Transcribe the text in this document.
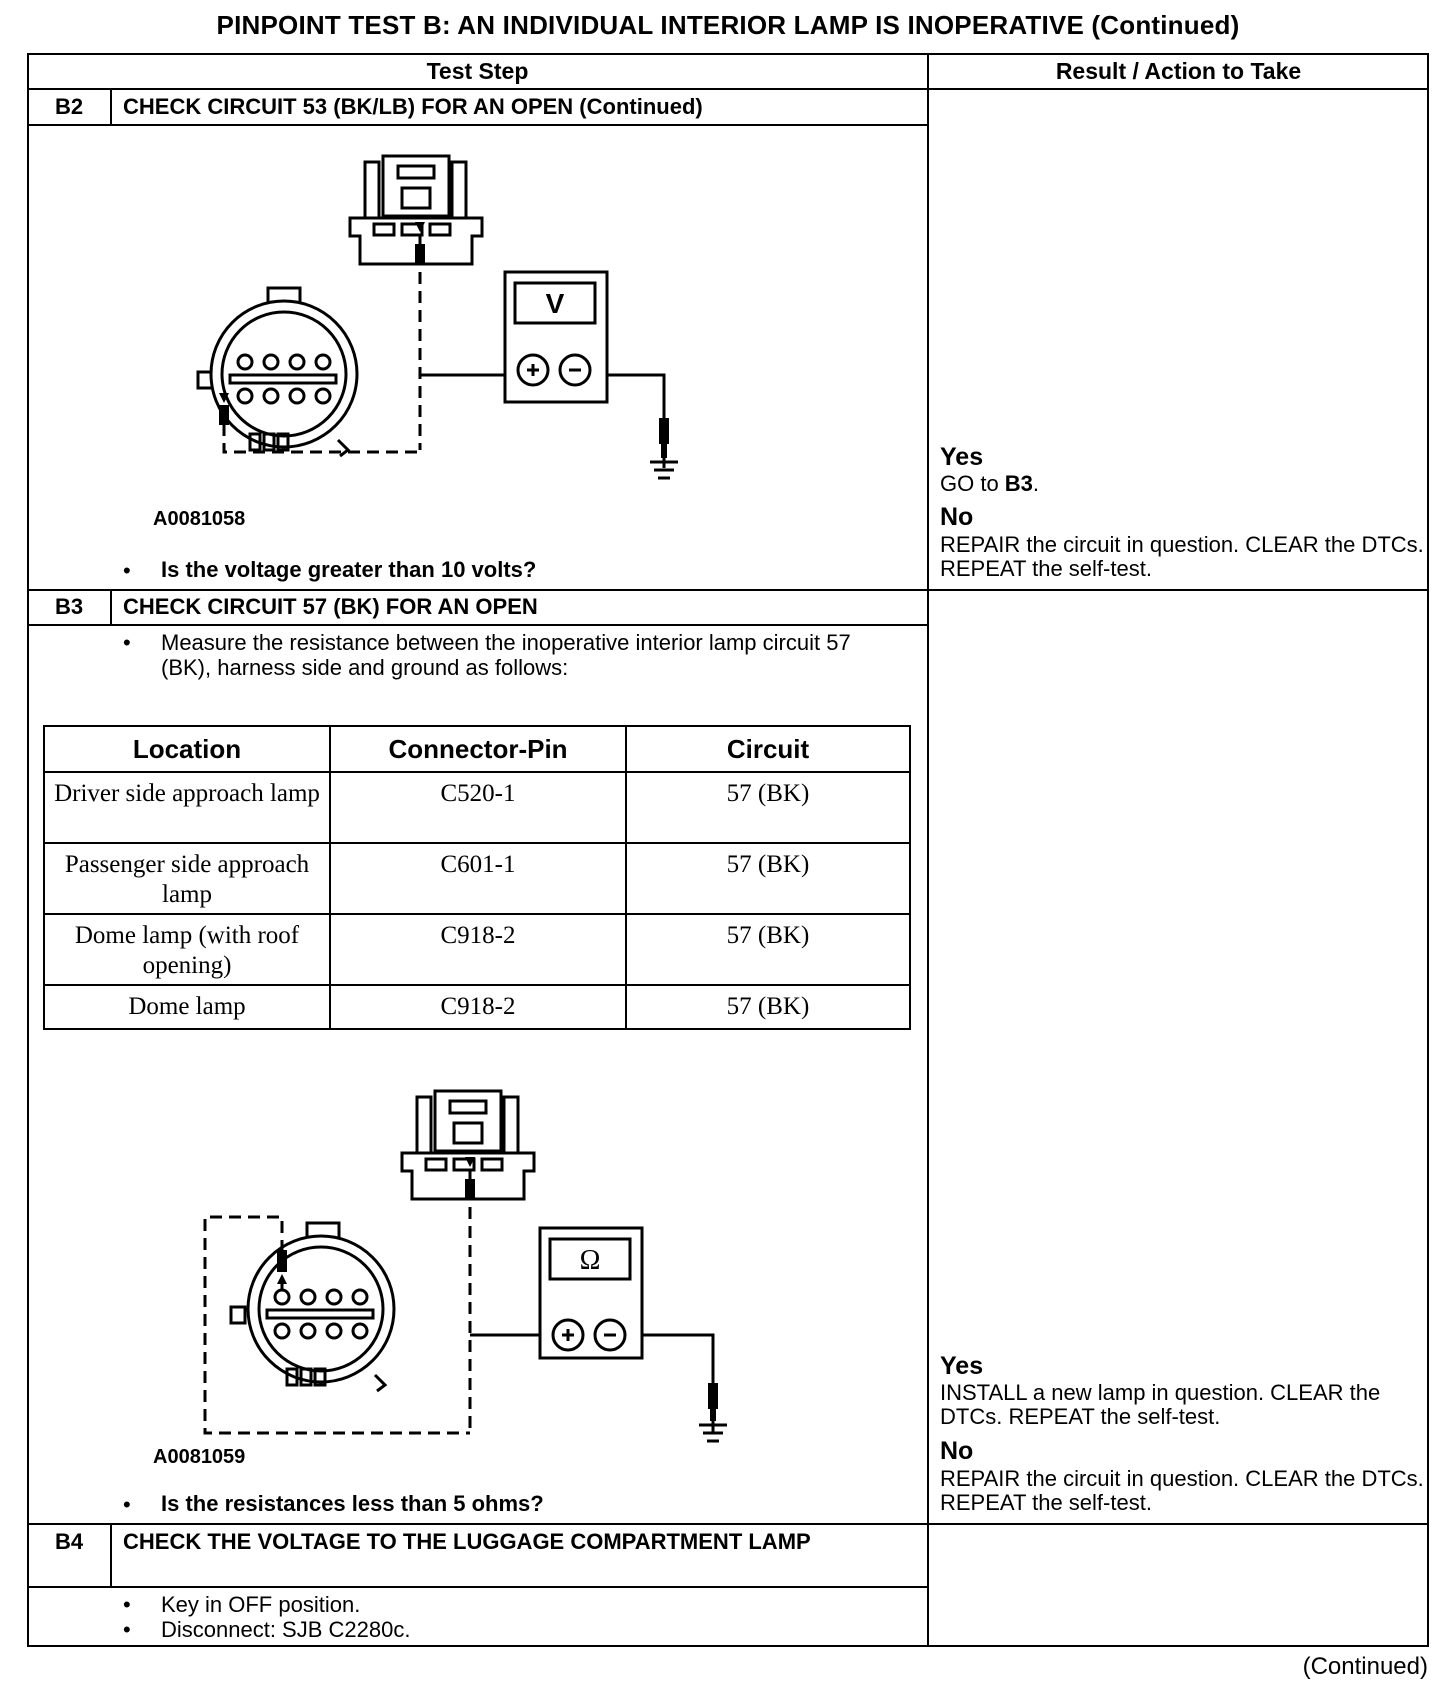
PINPOINT TEST B: AN INDIVIDUAL INTERIOR LAMP IS INOPERATIVE (Continued)
Test Step	Result / Action to Take
B2	CHECK CIRCUIT 53 (BK/LB) FOR AN OPEN (Continued)
V
A0081058
• Is the voltage greater than 10 volts?
Yes
GO to B3.
No
REPAIR the circuit in question. CLEAR the DTCs. REPEAT the self-test.
B3	CHECK CIRCUIT 57 (BK) FOR AN OPEN
• Measure the resistance between the inoperative interior lamp circuit 57 (BK), harness side and ground as follows:
Location	Connector-Pin	Circuit
Driver side approach lamp	C520-1	57 (BK)
Passenger side approach lamp	C601-1	57 (BK)
Dome lamp (with roof opening)	C918-2	57 (BK)
Dome lamp	C918-2	57 (BK)
Ω
A0081059
• Is the resistances less than 5 ohms?
Yes
INSTALL a new lamp in question. CLEAR the DTCs. REPEAT the self-test.
No
REPAIR the circuit in question. CLEAR the DTCs. REPEAT the self-test.
B4	CHECK THE VOLTAGE TO THE LUGGAGE COMPARTMENT LAMP
• Key in OFF position.
• Disconnect: SJB C2280c.
(Continued)
